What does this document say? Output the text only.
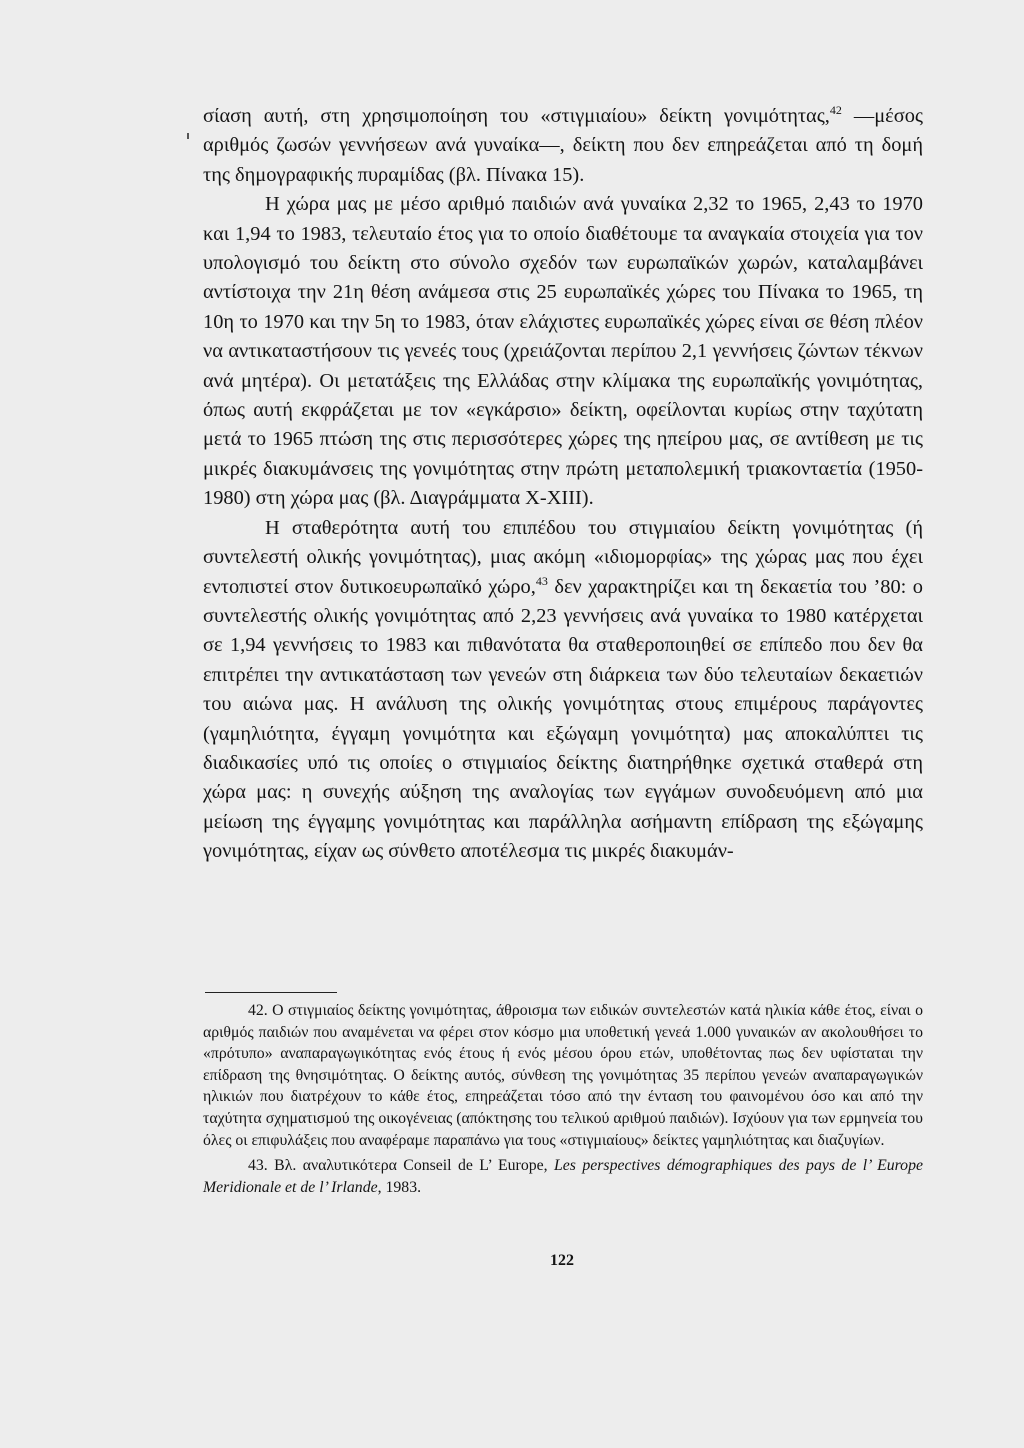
σίαση αυτή, στη χρησιμοποίηση του «στιγμιαίου» δείκτη γονιμότητας,$^{42}$ —μέσος αριθμός ζωσών γεννήσεων ανά γυναίκα—, δείκτη που δεν επηρεάζεται από τη δομή της δημογραφικής πυραμίδας (βλ. Πίνακα 15).

Η χώρα μας με μέσο αριθμό παιδιών ανά γυναίκα 2,32 το 1965, 2,43 το 1970 και 1,94 το 1983, τελευταίο έτος για το οποίο διαθέτουμε τα αναγκαία στοιχεία για τον υπολογισμό του δείκτη στο σύνολο σχεδόν των ευρωπαϊκών χωρών, καταλαμβάνει αντίστοιχα την 21η θέση ανάμεσα στις 25 ευρωπαϊκές χώρες του Πίνακα το 1965, τη 10η το 1970 και την 5η το 1983, όταν ελάχιστες ευρωπαϊκές χώρες είναι σε θέση πλέον να αντικαταστήσουν τις γενεές τους (χρειάζονται περίπου 2,1 γεννήσεις ζώντων τέκνων ανά μητέρα). Οι μετατάξεις της Ελλάδας στην κλίμακα της ευρωπαϊκής γονιμότητας, όπως αυτή εκφράζεται με τον «εγκάρσιο» δείκτη, οφείλονται κυρίως στην ταχύτατη μετά το 1965 πτώση της στις περισσότερες χώρες της ηπείρου μας, σε αντίθεση με τις μικρές διακυμάνσεις της γονιμότητας στην πρώτη μεταπολεμική τριακονταετία (1950-1980) στη χώρα μας (βλ. Διαγράμματα Χ-ΧΙΙΙ).

Η σταθερότητα αυτή του επιπέδου του στιγμιαίου δείκτη γονιμότητας (ή συντελεστή ολικής γονιμότητας), μιας ακόμη «ιδιομορφίας» της χώρας μας που έχει εντοπιστεί στον δυτικοευρωπαϊκό χώρο,$^{43}$ δεν χαρακτηρίζει και τη δεκαετία του ’80: ο συντελεστής ολικής γονιμότητας από 2,23 γεννήσεις ανά γυναίκα το 1980 κατέρχεται σε 1,94 γεννήσεις το 1983 και πιθανότατα θα σταθεροποιηθεί σε επίπεδο που δεν θα επιτρέπει την αντικατάσταση των γενεών στη διάρκεια των δύο τελευταίων δεκαετιών του αιώνα μας. Η ανάλυση της ολικής γονιμότητας στους επιμέρους παράγοντες (γαμηλιότητα, έγγαμη γονιμότητα και εξώγαμη γονιμότητα) μας αποκαλύπτει τις διαδικασίες υπό τις οποίες ο στιγμιαίος δείκτης διατηρήθηκε σχετικά σταθερά στη χώρα μας: η συνεχής αύξηση της αναλογίας των εγγάμων συνοδευόμενη από μια μείωση της έγγαμης γονιμότητας και παράλληλα ασήμαντη επίδραση της εξώγαμης γονιμότητας, είχαν ως σύνθετο αποτέλεσμα τις μικρές διακυμάν-

42. Ο στιγμιαίος δείκτης γονιμότητας, άθροισμα των ειδικών συντελεστών κατά ηλικία κάθε έτος, είναι ο αριθμός παιδιών που αναμένεται να φέρει στον κόσμο μια υποθετική γενεά 1.000 γυναικών αν ακολουθήσει το «πρότυπο» αναπαραγωγικότητας ενός έτους ή ενός μέσου όρου ετών, υποθέτοντας πως δεν υφίσταται την επίδραση της θνησιμότητας. Ο δείκτης αυτός, σύνθεση της γονιμότητας 35 περίπου γενεών αναπαραγωγικών ηλικιών που διατρέχουν το κάθε έτος, επηρεάζεται τόσο από την ένταση του φαινομένου όσο και από την ταχύτητα σχηματισμού της οικογένειας (απόκτησης του τελικού αριθμού παιδιών). Ισχύουν για των ερμηνεία του όλες οι επιφυλάξεις που αναφέραμε παραπάνω για τους «στιγμιαίους» δείκτες γαμηλιότητας και διαζυγίων.

43. Βλ. αναλυτικότερα Conseil de L’ Europe, Les perspectives démographiques des pays de l’ Europe Meridionale et de l’ Irlande, 1983.

122
